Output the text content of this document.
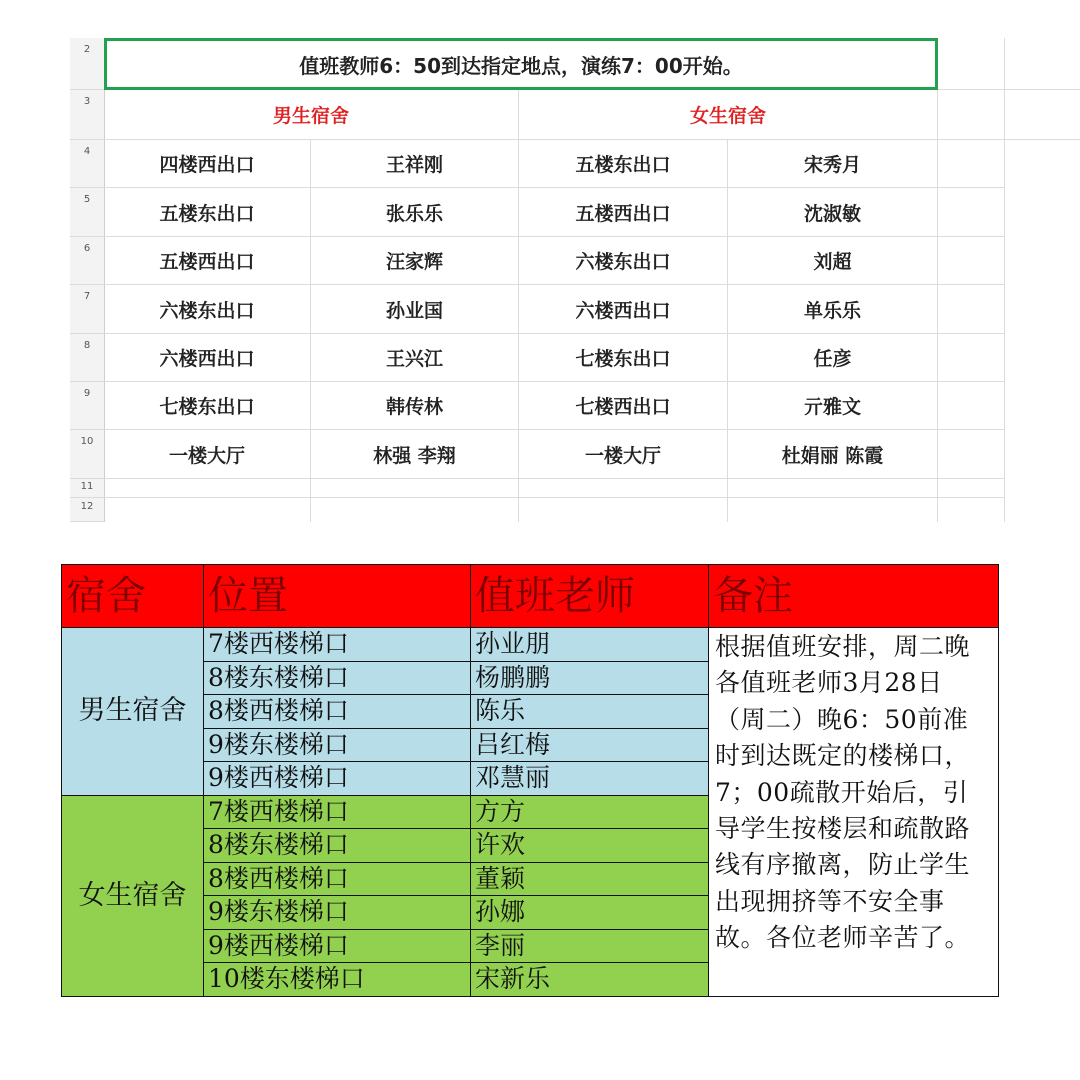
2
3
4
5
6
7
8
9
10
11
12
值班教师6：50到达指定地点，演练7：00开始。
男生宿舍	女生宿舍
四楼西出口	王祥刚	五楼东出口	宋秀月
五楼东出口	张乐乐	五楼西出口	沈淑敏
五楼西出口	汪家辉	六楼东出口	刘超
六楼东出口	孙业国	六楼西出口	单乐乐
六楼西出口	王兴江	七楼东出口	任彦
七楼东出口	韩传林	七楼西出口	亓雅文
一楼大厅	林强 李翔	一楼大厅	杜娟丽 陈霞
宿舍	位置	值班老师	备注
男生宿舍	7楼西楼梯口	孙业朋	根据值班安排，周二晚各值班老师3月28日（周二）晚6：50前准时到达既定的楼梯口，7；00疏散开始后，引导学生按楼层和疏散路线有序撤离，防止学生出现拥挤等不安全事故。各位老师辛苦了。
	8楼东楼梯口	杨鹏鹏	
	8楼西楼梯口	陈乐	
	9楼东楼梯口	吕红梅	
	9楼西楼梯口	邓慧丽	
女生宿舍	7楼西楼梯口	方方	
	8楼东楼梯口	许欢	
	8楼西楼梯口	董颖	
	9楼东楼梯口	孙娜	
	9楼西楼梯口	李丽	
	10楼东楼梯口	宋新乐	
